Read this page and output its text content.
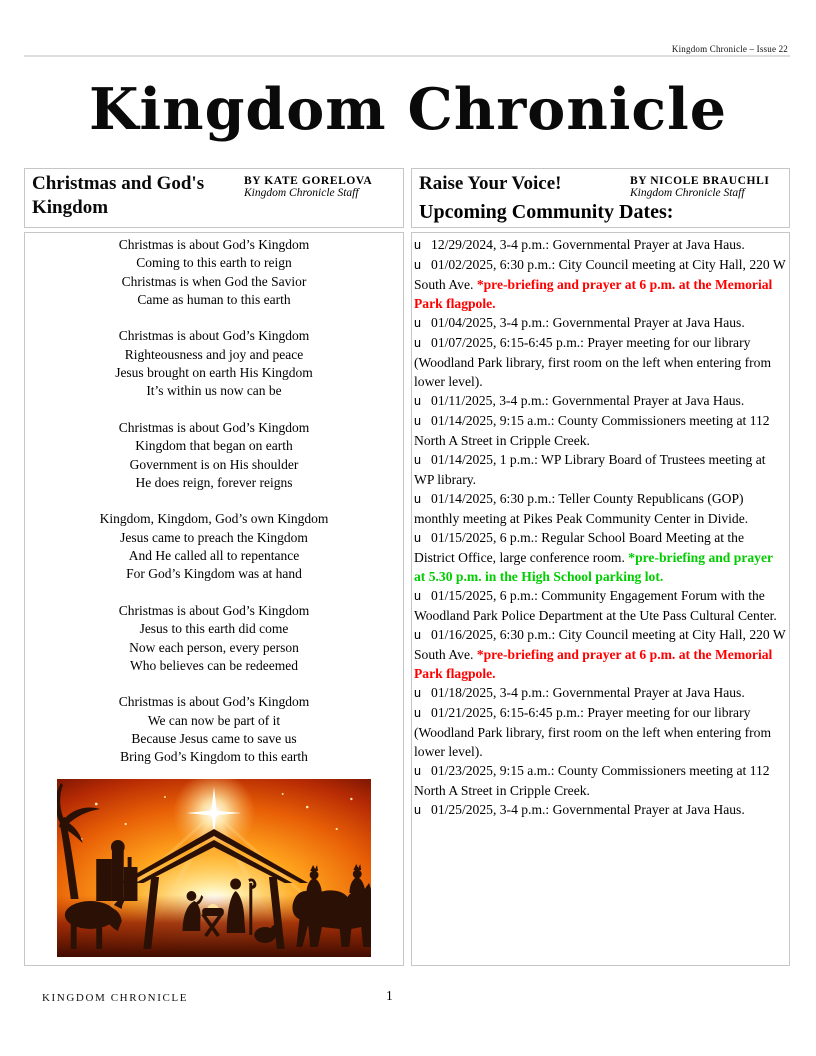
Kingdom Chronicle – Issue 22
Kingdom Chronicle
Christmas and God's Kingdom
BY KATE GORELOVA
Kingdom Chronicle Staff
Christmas is about God’s Kingdom
Coming to this earth to reign
Christmas is when God the Savior
Came as human to this earth
Christmas is about God’s Kingdom
Righteousness and joy and peace
Jesus brought on earth His Kingdom
It’s within us now can be
Christmas is about God’s Kingdom
Kingdom that began on earth
Government is on His shoulder
He does reign, forever reigns
Kingdom, Kingdom, God’s own Kingdom
Jesus came to preach the Kingdom
And He called all to repentance
For God’s Kingdom was at hand
Christmas is about God’s Kingdom
Jesus to this earth did come
Now each person, every person
Who believes can be redeemed
Christmas is about God’s Kingdom
We can now be part of it
Because Jesus came to save us
Bring God’s Kingdom to this earth
Raise Your Voice!	BY NICOLE BRAUCHLI
Kingdom Chronicle Staff
Upcoming Community Dates:
u 12/29/2024, 3-4 p.m.: Governmental Prayer at Java Haus.
u 01/02/2025, 6:30 p.m.: City Council meeting at City Hall, 220 W South Ave. *pre-briefing and prayer at 6 p.m. at the Memorial Park flagpole.
u 01/04/2025, 3-4 p.m.: Governmental Prayer at Java Haus.
u 01/07/2025, 6:15-6:45 p.m.: Prayer meeting for our library (Woodland Park library, first room on the left when entering from lower level).
u 01/11/2025, 3-4 p.m.: Governmental Prayer at Java Haus.
u 01/14/2025, 9:15 a.m.: County Commissioners meeting at 112 North A Street in Cripple Creek.
u 01/14/2025, 1 p.m.: WP Library Board of Trustees meeting at WP library.
u 01/14/2025, 6:30 p.m.: Teller County Republicans (GOP) monthly meeting at Pikes Peak Community Center in Divide.
u 01/15/2025, 6 p.m.: Regular School Board Meeting at the District Office, large conference room. *pre-briefing and prayer at 5.30 p.m. in the High School parking lot.
u 01/15/2025, 6 p.m.: Community Engagement Forum with the Woodland Park Police Department at the Ute Pass Cultural Center.
u 01/16/2025, 6:30 p.m.: City Council meeting at City Hall, 220 W South Ave. *pre-briefing and prayer at 6 p.m. at the Memorial Park flagpole.
u 01/18/2025, 3-4 p.m.: Governmental Prayer at Java Haus.
u 01/21/2025, 6:15-6:45 p.m.: Prayer meeting for our library (Woodland Park library, first room on the left when entering from lower level).
u 01/23/2025, 9:15 a.m.: County Commissioners meeting at 112 North A Street in Cripple Creek.
u 01/25/2025, 3-4 p.m.: Governmental Prayer at Java Haus.
KINGDOM CHRONICLE	1
